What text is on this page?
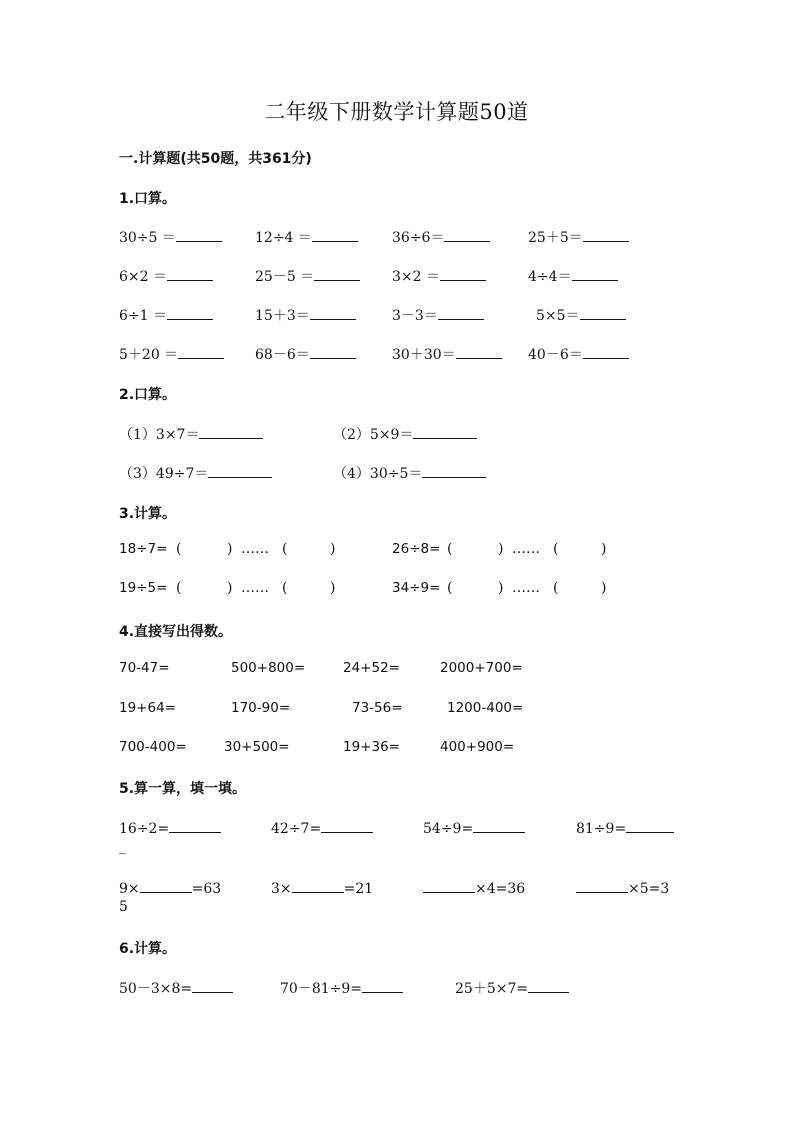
二年级下册数学计算题50道
一.计算题(共50题，共361分)
1.口算。
30÷5 ＝	12÷4 ＝	36÷6＝	25＋5＝
6×2 ＝	25－5 ＝	3×2 ＝	4÷4＝
6÷1 ＝	15＋3＝	3－3＝	5×5＝
5＋20 ＝	68－6＝	30＋30＝	40－6＝
2.口算。
（1）3×7＝	（2）5×9＝
（3）49÷7＝	（4）30÷5＝
3.计算。
18÷7= (	) …… (	)	26÷8= (	) …… (	)
19÷5= (	) …… (	)	34÷9= (	) …… (	)
4.直接写出得数。
70-47=	500+800=	24+52=	2000+700=
19+64=	170-90=	73-56=	1200-400=
700-400=	30+500=	19+36=	400+900=
5.算一算，填一填。
16÷2=	42÷7=	54÷9=	81÷9=
_
9×	=63	3×	=21	×4=36	×5=3
5
6.计算。
50－3×8=	70－81÷9=	25＋5×7=
